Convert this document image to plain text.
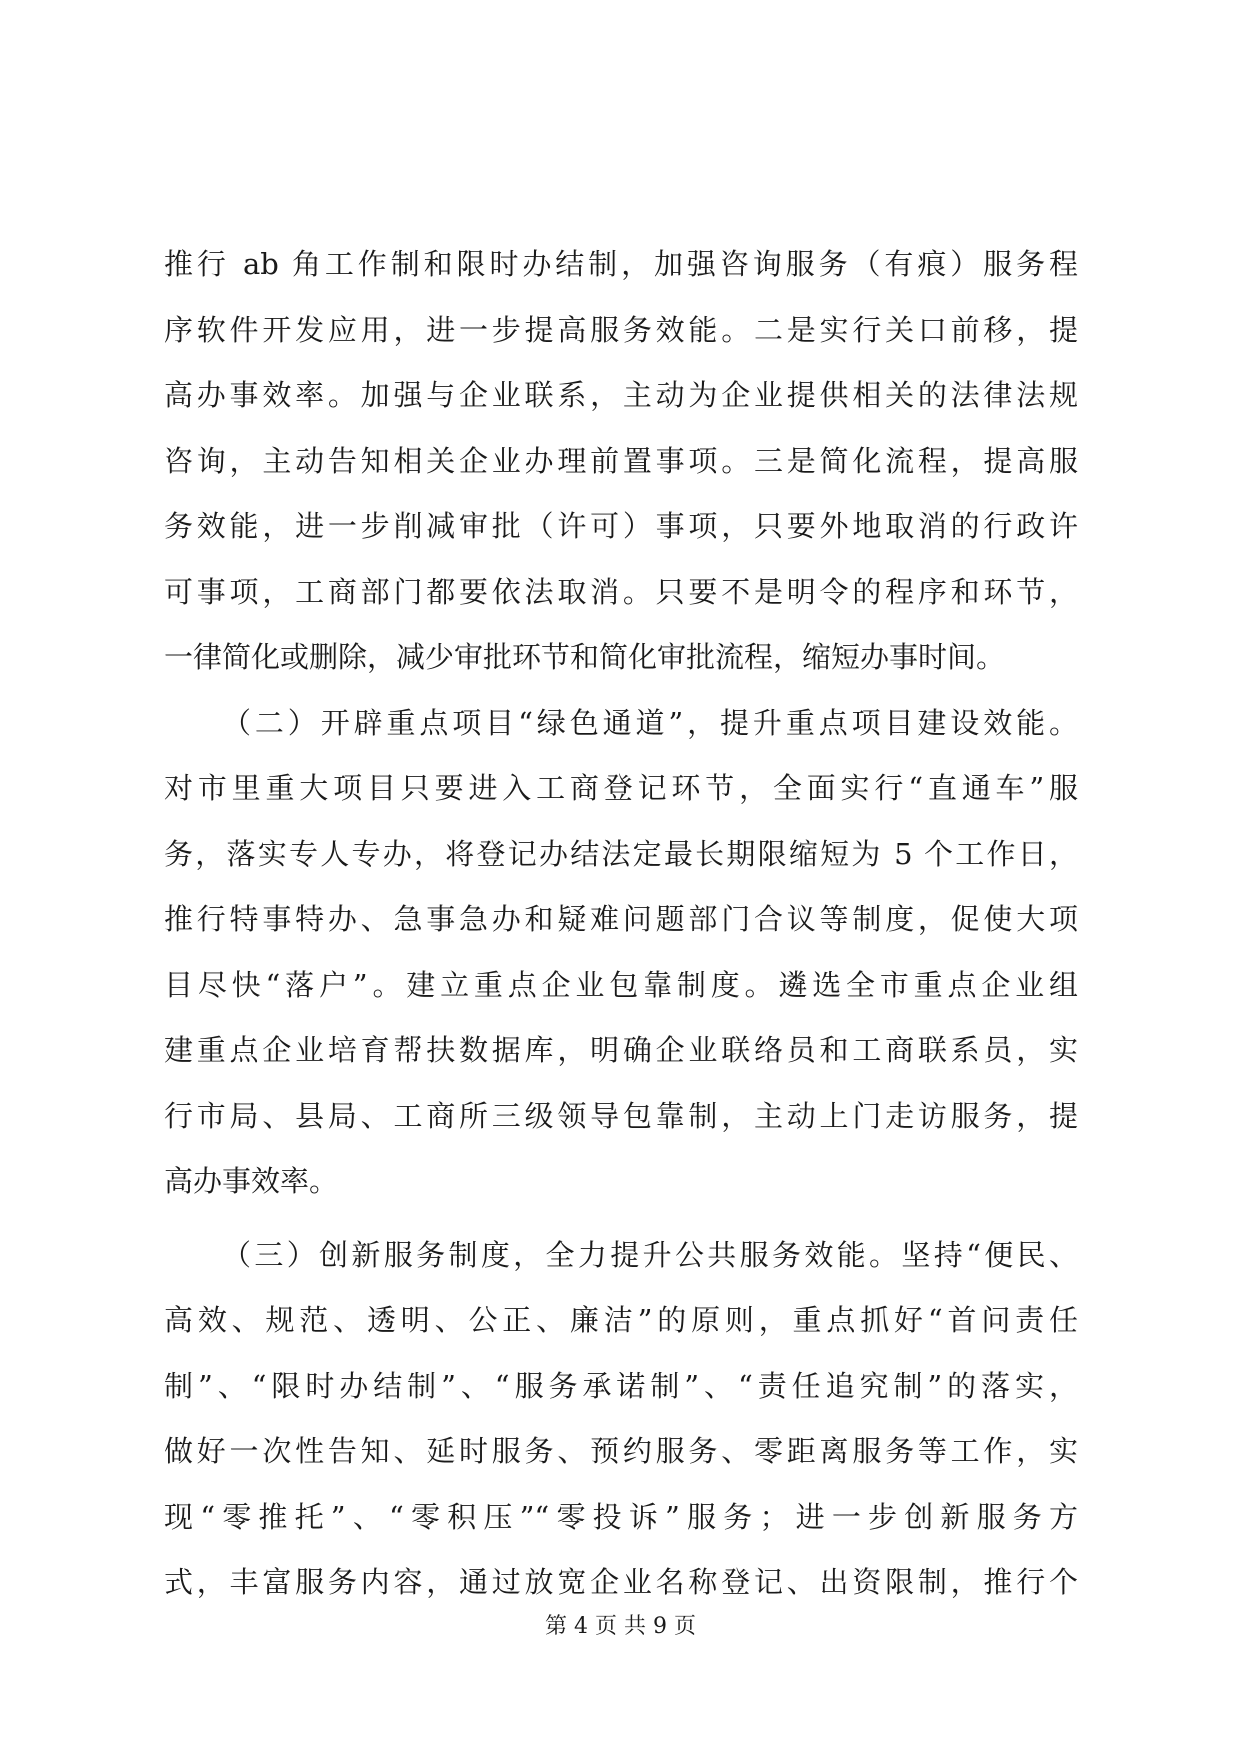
推行 ab 角工作制和限时办结制，加强咨询服务（有痕）服务程
序软件开发应用，进一步提高服务效能。二是实行关口前移，提
高办事效率。加强与企业联系，主动为企业提供相关的法律法规
咨询，主动告知相关企业办理前置事项。三是简化流程，提高服
务效能，进一步削减审批（许可）事项，只要外地取消的行政许
可事项，工商部门都要依法取消。只要不是明令的程序和环节，
一律简化或删除，减少审批环节和简化审批流程，缩短办事时间。
（二）开辟重点项目“绿色通道”，提升重点项目建设效能。
对市里重大项目只要进入工商登记环节，全面实行“直通车”服
务，落实专人专办，将登记办结法定最长期限缩短为 5 个工作日，
推行特事特办、急事急办和疑难问题部门合议等制度，促使大项
目尽快“落户”。建立重点企业包靠制度。遴选全市重点企业组
建重点企业培育帮扶数据库，明确企业联络员和工商联系员，实
行市局、县局、工商所三级领导包靠制，主动上门走访服务，提
高办事效率。
（三）创新服务制度，全力提升公共服务效能。坚持“便民、
高效、规范、透明、公正、廉洁”的原则，重点抓好“首问责任
制”、“限时办结制”、“服务承诺制”、“责任追究制”的落实，
做好一次性告知、延时服务、预约服务、零距离服务等工作，实
现“零推托”、“零积压”“零投诉”服务；进一步创新服务方
式，丰富服务内容，通过放宽企业名称登记、出资限制，推行个
第 4 页 共 9 页
